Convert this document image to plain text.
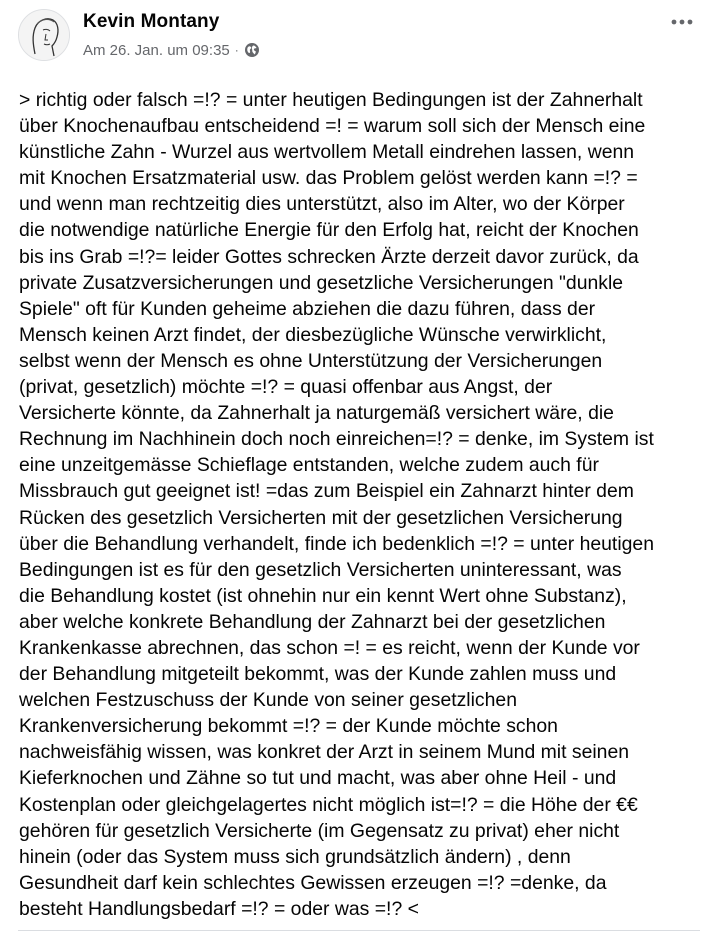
Kevin Montany
Am 26. Jan. um 09:35 ·
> richtig oder falsch =!? = unter heutigen Bedingungen ist der Zahnerhalt
über Knochenaufbau entscheidend =! = warum soll sich der Mensch eine
künstliche Zahn - Wurzel aus wertvollem Metall eindrehen lassen, wenn
mit Knochen Ersatzmaterial usw. das Problem gelöst werden kann =!? =
und wenn man rechtzeitig dies unterstützt, also im Alter, wo der Körper
die notwendige natürliche Energie für den Erfolg hat, reicht der Knochen
bis ins Grab =!?= leider Gottes schrecken Ärzte derzeit davor zurück, da
private Zusatzversicherungen und gesetzliche Versicherungen "dunkle
Spiele" oft für Kunden geheime abziehen die dazu führen, dass der
Mensch keinen Arzt findet, der diesbezügliche Wünsche verwirklicht,
selbst wenn der Mensch es ohne Unterstützung der Versicherungen
(privat, gesetzlich) möchte =!? = quasi offenbar aus Angst, der
Versicherte könnte, da Zahnerhalt ja naturgemäß versichert wäre, die
Rechnung im Nachhinein doch noch einreichen=!? = denke, im System ist
eine unzeitgemässe Schieflage entstanden, welche zudem auch für
Missbrauch gut geeignet ist! =das zum Beispiel ein Zahnarzt hinter dem
Rücken des gesetzlich Versicherten mit der gesetzlichen Versicherung
über die Behandlung verhandelt, finde ich bedenklich =!? = unter heutigen
Bedingungen ist es für den gesetzlich Versicherten uninteressant, was
die Behandlung kostet (ist ohnehin nur ein kennt Wert ohne Substanz),
aber welche konkrete Behandlung der Zahnarzt bei der gesetzlichen
Krankenkasse abrechnen, das schon =! = es reicht, wenn der Kunde vor
der Behandlung mitgeteilt bekommt, was der Kunde zahlen muss und
welchen Festzuschuss der Kunde von seiner gesetzlichen
Krankenversicherung bekommt =!? = der Kunde möchte schon
nachweisfähig wissen, was konkret der Arzt in seinem Mund mit seinen
Kieferknochen und Zähne so tut und macht, was aber ohne Heil - und
Kostenplan oder gleichgelagertes nicht möglich ist=!? = die Höhe der €€
gehören für gesetzlich Versicherte (im Gegensatz zu privat) eher nicht
hinein (oder das System muss sich grundsätzlich ändern) , denn
Gesundheit darf kein schlechtes Gewissen erzeugen =!? =denke, da
besteht Handlungsbedarf =!? = oder was =!? <
